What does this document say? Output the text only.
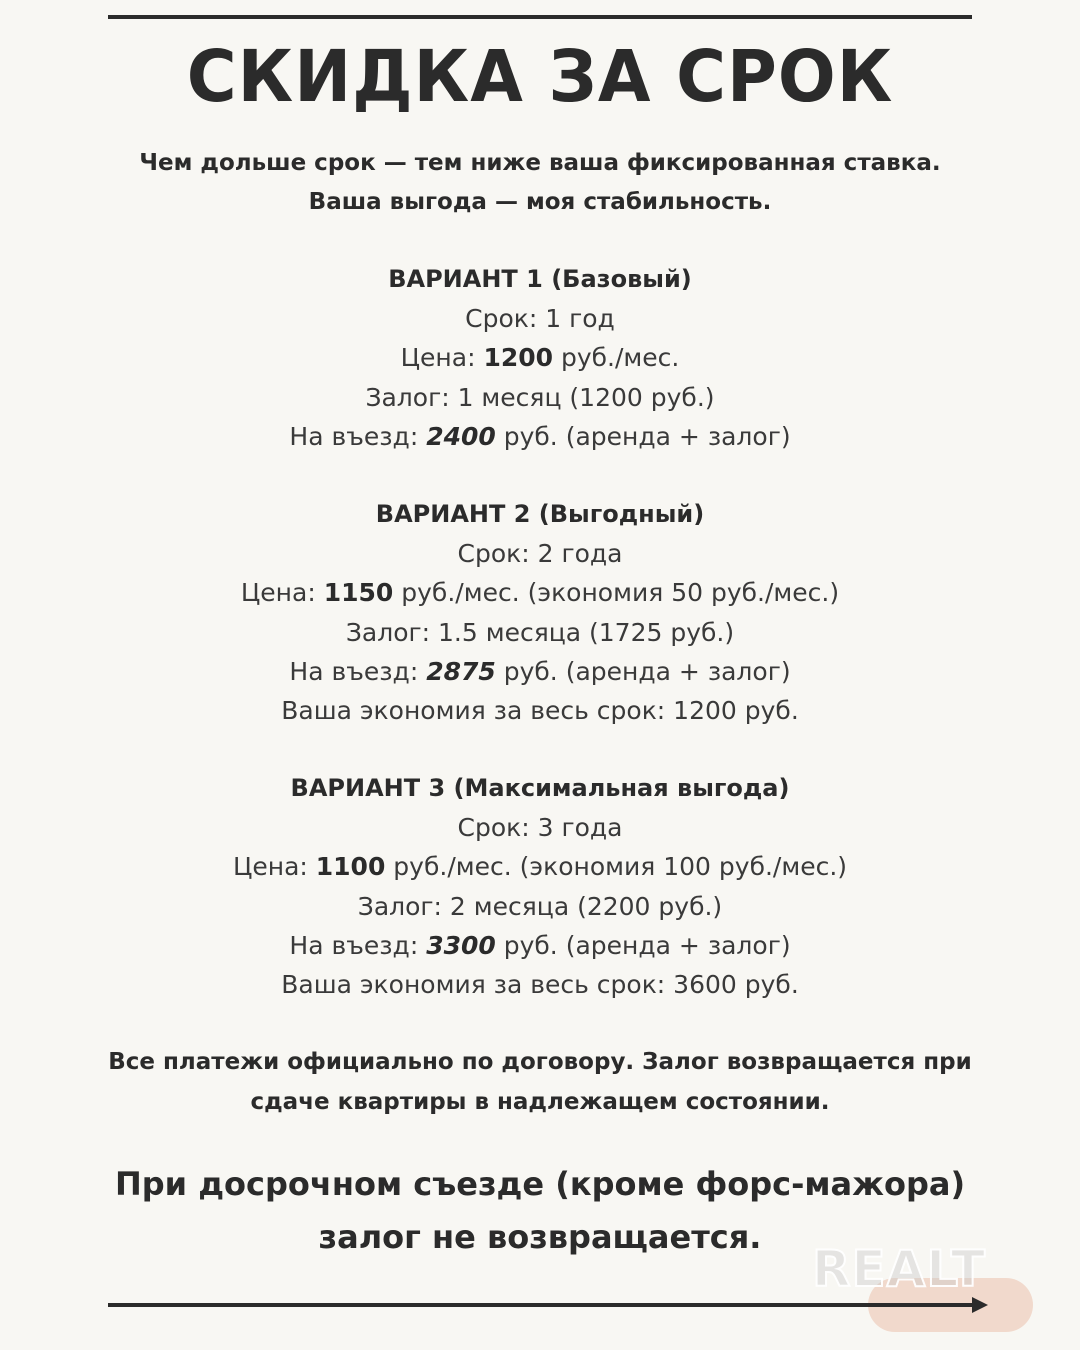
СКИДКА ЗА СРОК
Чем дольше срок — тем ниже ваша фиксированная ставка.
Ваша выгода — моя стабильность.
ВАРИАНТ 1 (Базовый)
Срок: 1 год
Цена: 1200 руб./мес.
Залог: 1 месяц (1200 руб.)
На въезд: 2400 руб. (аренда + залог)
ВАРИАНТ 2 (Выгодный)
Срок: 2 года
Цена: 1150 руб./мес. (экономия 50 руб./мес.)
Залог: 1.5 месяца (1725 руб.)
На въезд: 2875 руб. (аренда + залог)
Ваша экономия за весь срок: 1200 руб.
ВАРИАНТ 3 (Максимальная выгода)
Срок: 3 года
Цена: 1100 руб./мес. (экономия 100 руб./мес.)
Залог: 2 месяца (2200 руб.)
На въезд: 3300 руб. (аренда + залог)
Ваша экономия за весь срок: 3600 руб.
Все платежи официально по договору. Залог возвращается при
сдаче квартиры в надлежащем состоянии.
При досрочном съезде (кроме форс-мажора)
залог не возвращается.
REALT
